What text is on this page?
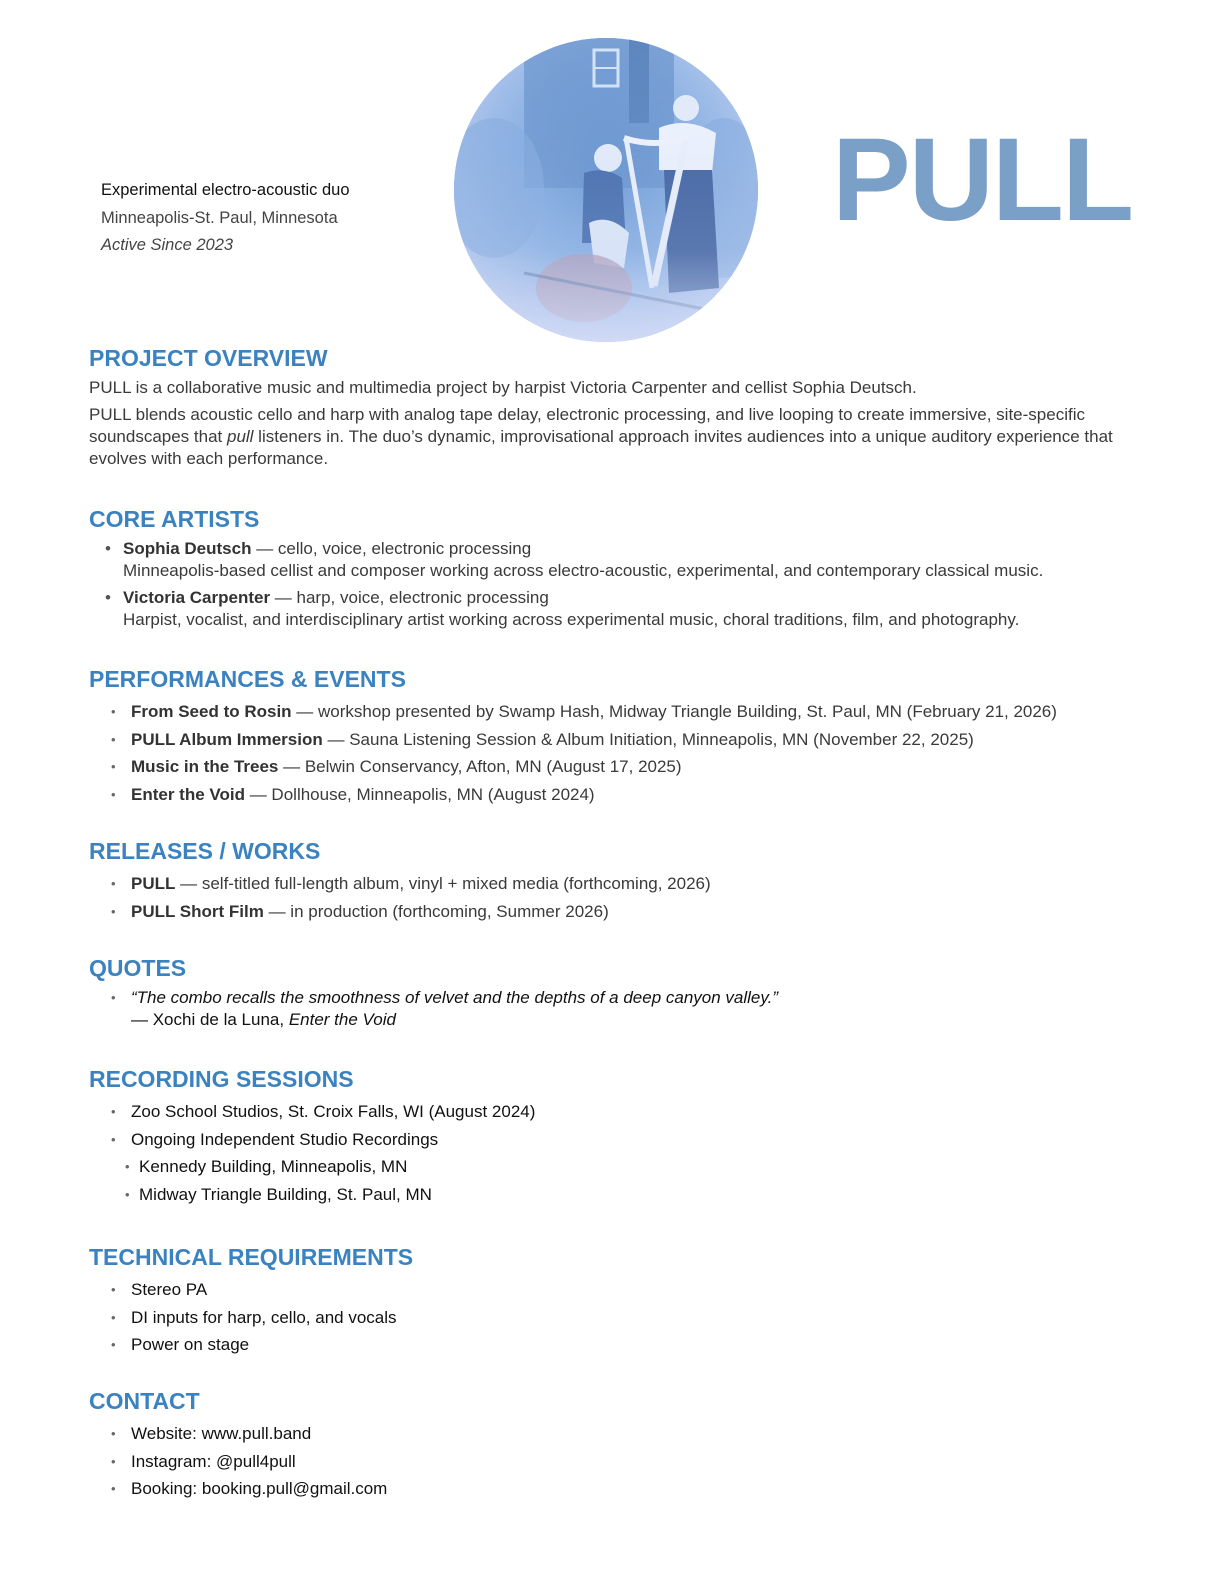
Experimental electro-acoustic duo
Minneapolis-St. Paul, Minnesota
Active Since 2023	PULL
PROJECT OVERVIEW

PULL is a collaborative music and multimedia project by harpist Victoria Carpenter and cellist Sophia Deutsch.

PULL blends acoustic cello and harp with analog tape delay, electronic processing, and live looping to create immersive, site-specific soundscapes that pull listeners in. The duo’s dynamic, improvisational approach invites audiences into a unique auditory experience that evolves with each performance.

CORE ARTISTS
• Sophia Deutsch — cello, voice, electronic processing
Minneapolis-based cellist and composer working across electro-acoustic, experimental, and contemporary classical music.
• Victoria Carpenter — harp, voice, electronic processing
Harpist, vocalist, and interdisciplinary artist working across experimental music, choral traditions, film, and photography.
PERFORMANCES & EVENTS
• From Seed to Rosin — workshop presented by Swamp Hash, Midway Triangle Building, St. Paul, MN (February 21, 2026)
• PULL Album Immersion — Sauna Listening Session & Album Initiation, Minneapolis, MN (November 22, 2025)
• Music in the Trees — Belwin Conservancy, Afton, MN (August 17, 2025)
• Enter the Void — Dollhouse, Minneapolis, MN (August 2024)
RELEASES / WORKS
• PULL — self-titled full-length album, vinyl + mixed media (forthcoming, 2026)
• PULL Short Film — in production (forthcoming, Summer 2026)
QUOTES
• “The combo recalls the smoothness of velvet and the depths of a deep canyon valley.”
— Xochi de la Luna, Enter the Void
RECORDING SESSIONS
• Zoo School Studios, St. Croix Falls, WI (August 2024)
• Ongoing Independent Studio Recordings
• Kennedy Building, Minneapolis, MN
• Midway Triangle Building, St. Paul, MN
TECHNICAL REQUIREMENTS
• Stereo PA
• DI inputs for harp, cello, and vocals
• Power on stage
CONTACT
• Website: www.pull.band
• Instagram: @pull4pull
• Booking: booking.pull@gmail.com
